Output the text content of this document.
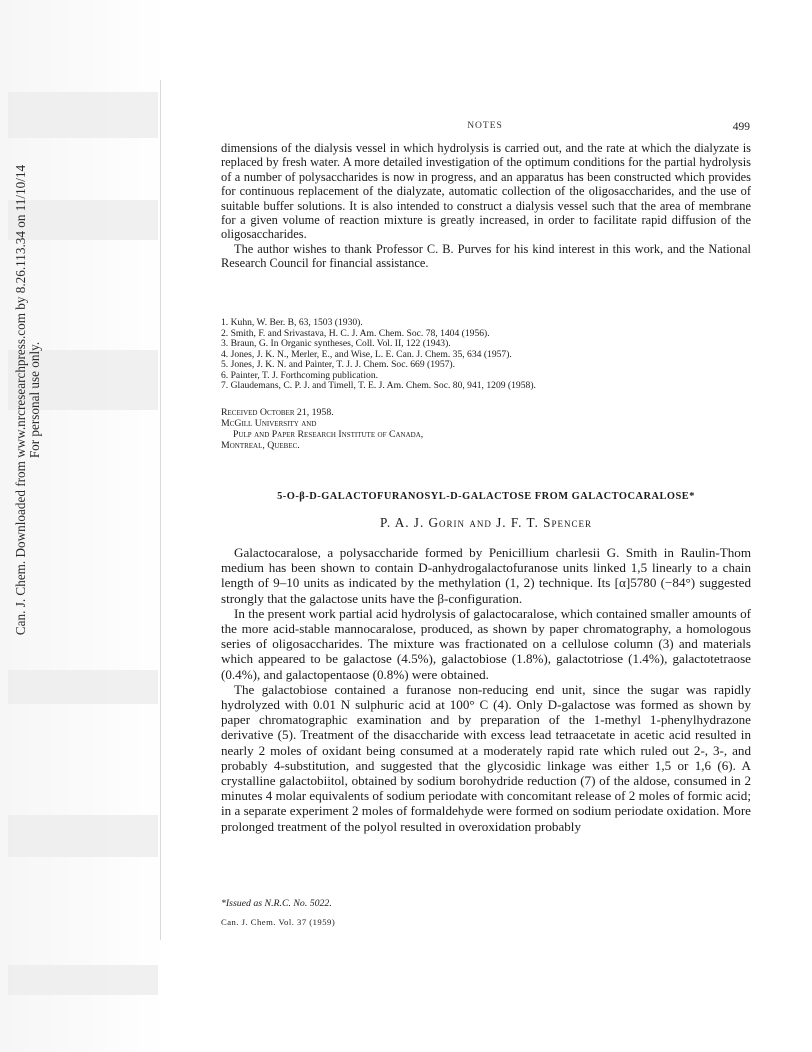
Can. J. Chem. Downloaded from www.nrcresearchpress.com by 8.26.113.34 on 11/10/14 For personal use only.
NOTES	499

dimensions of the dialysis vessel in which hydrolysis is carried out, and the rate at which the dialyzate is replaced by fresh water. A more detailed investigation of the optimum conditions for the partial hydrolysis of a number of polysaccharides is now in progress, and an apparatus has been constructed which provides for continuous replacement of the dialyzate, automatic collection of the oligosaccharides, and the use of suitable buffer solutions. It is also intended to construct a dialysis vessel such that the area of membrane for a given volume of reaction mixture is greatly increased, in order to facilitate rapid diffusion of the oligosaccharides.

The author wishes to thank Professor C. B. Purves for his kind interest in this work, and the National Research Council for financial assistance.

1. Kuhn, W. Ber. B, 63, 1503 (1930).
2. Smith, F. and Srivastava, H. C. J. Am. Chem. Soc. 78, 1404 (1956).
3. Braun, G. In Organic syntheses, Coll. Vol. II, 122 (1943).
4. Jones, J. K. N., Merler, E., and Wise, L. E. Can. J. Chem. 35, 634 (1957).
5. Jones, J. K. N. and Painter, T. J. J. Chem. Soc. 669 (1957).
6. Painter, T. J. Forthcoming publication.
7. Glaudemans, C. P. J. and Timell, T. E. J. Am. Chem. Soc. 80, 941, 1209 (1958).
Received October 21, 1958.
McGill University and
Pulp and Paper Research Institute of Canada,
Montreal, Quebec.
5-O-β-D-GALACTOFURANOSYL-D-GALACTOSE FROM GALACTOCARALOSE*
P. A. J. Gorin and J. F. T. Spencer

Galactocaralose, a polysaccharide formed by Penicillium charlesii G. Smith in Raulin-Thom medium has been shown to contain D-anhydrogalactofuranose units linked 1,5 linearly to a chain length of 9–10 units as indicated by the methylation (1, 2) technique. Its [α]5780 (−84°) suggested strongly that the galactose units have the β-configuration.

In the present work partial acid hydrolysis of galactocaralose, which contained smaller amounts of the more acid-stable mannocaralose, produced, as shown by paper chromatography, a homologous series of oligosaccharides. The mixture was fractionated on a cellulose column (3) and materials which appeared to be galactose (4.5%), galactobiose (1.8%), galactotriose (1.4%), galactotetraose (0.4%), and galactopentaose (0.8%) were obtained.

The galactobiose contained a furanose non-reducing end unit, since the sugar was rapidly hydrolyzed with 0.01 N sulphuric acid at 100° C (4). Only D-galactose was formed as shown by paper chromatographic examination and by preparation of the 1-methyl 1-phenylhydrazone derivative (5). Treatment of the disaccharide with excess lead tetraacetate in acetic acid resulted in nearly 2 moles of oxidant being consumed at a moderately rapid rate which ruled out 2-, 3-, and probably 4-substitution, and suggested that the glycosidic linkage was either 1,5 or 1,6 (6). A crystalline galactobiitol, obtained by sodium borohydride reduction (7) of the aldose, consumed in 2 minutes 4 molar equivalents of sodium periodate with concomitant release of 2 moles of formic acid; in a separate experiment 2 moles of formaldehyde were formed on sodium periodate oxidation. More prolonged treatment of the polyol resulted in overoxidation probably

*Issued as N.R.C. No. 5022.
Can. J. Chem. Vol. 37 (1959)
